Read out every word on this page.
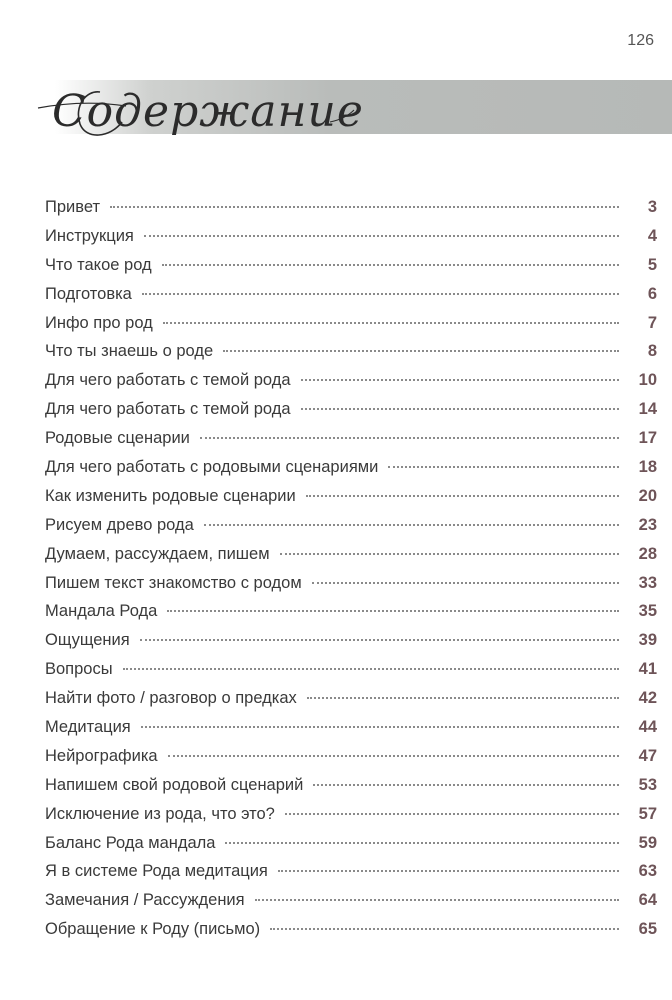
126
Содержание
Привет	3
Инструкция	4
Что такое род	5
Подготовка	6
Инфо про род	7
Что ты знаешь о роде	8
Для чего работать с темой рода	10
Для чего работать с темой рода	14
Родовые сценарии	17
Для чего работать с родовыми сценариями	18
Как изменить родовые сценарии	20
Рисуем древо рода	23
Думаем, рассуждаем, пишем	28
Пишем текст знакомство с родом	33
Мандала Рода	35
Ощущения	39
Вопросы	41
Найти фото / разговор о предках	42
Медитация	44
Нейрографика	47
Напишем свой родовой сценарий	53
Исключение из рода, что это?	57
Баланс Рода мандала	59
Я в системе Рода медитация	63
Замечания / Рассуждения	64
Обращение к Роду (письмо)	65
